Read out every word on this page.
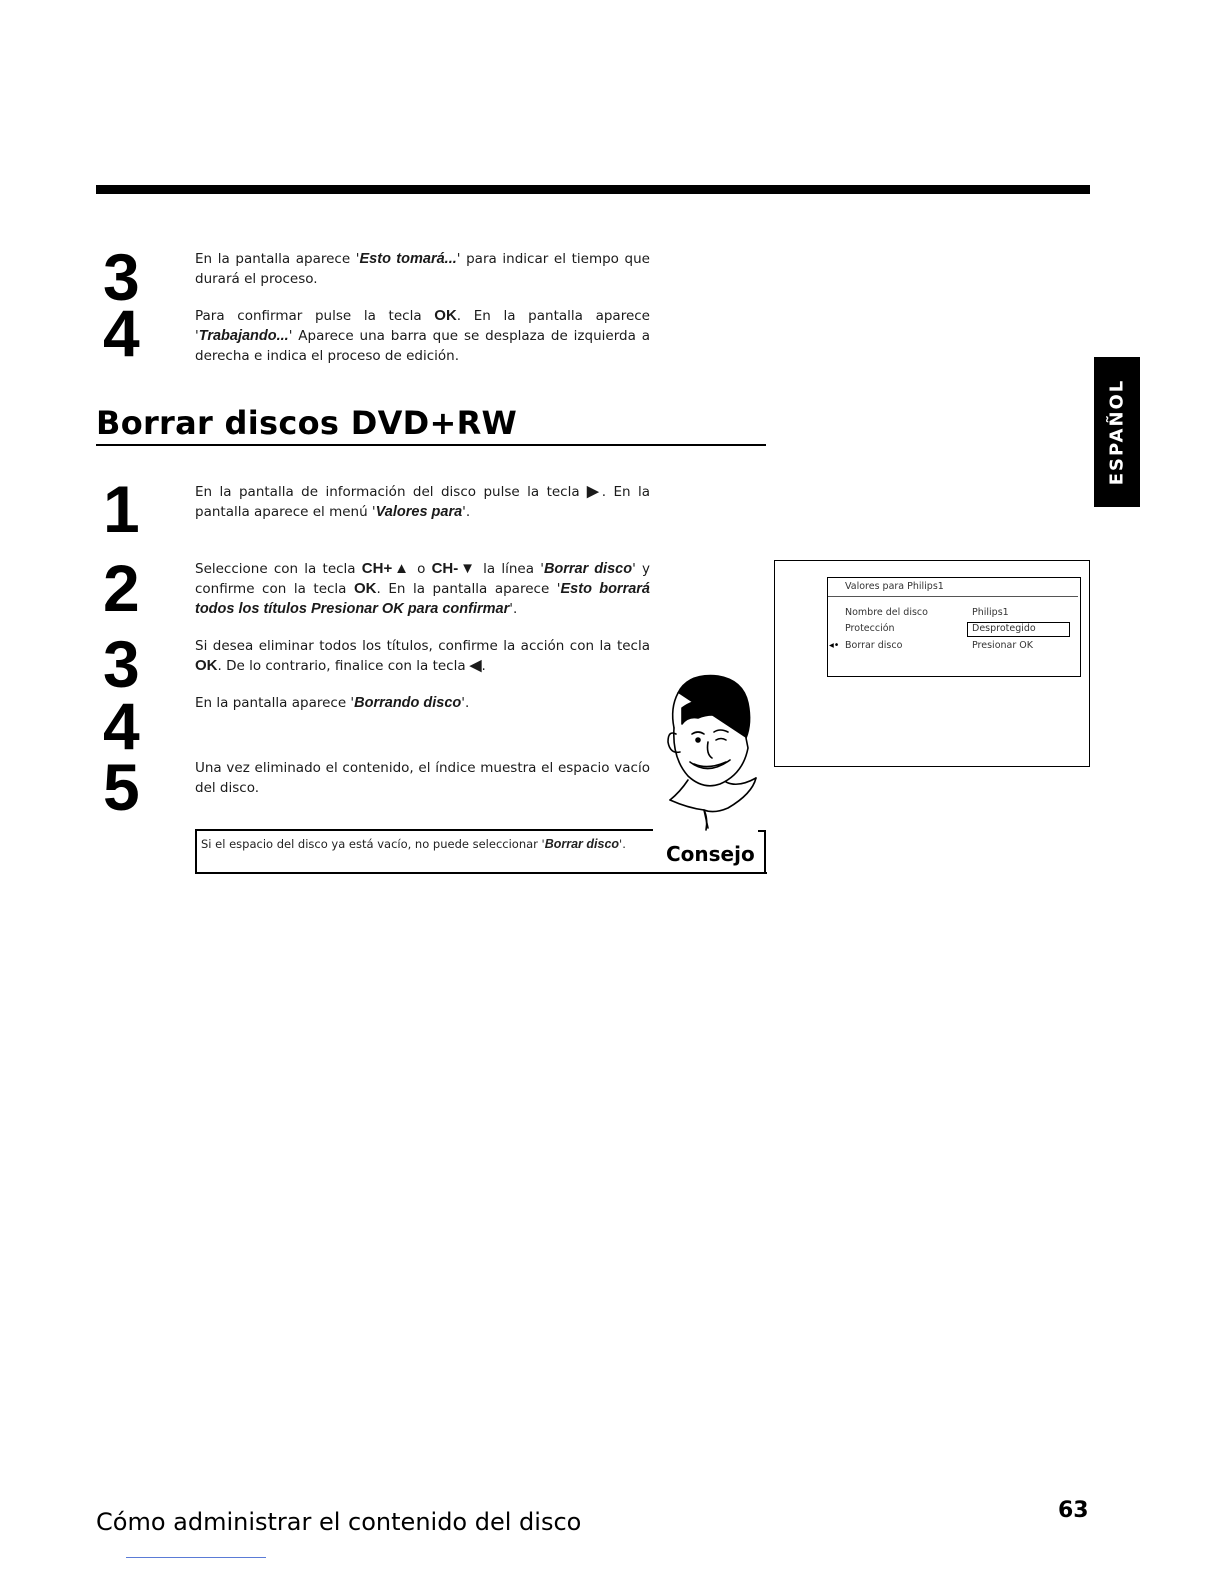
ESPAÑOL
3	En la pantalla aparece 'Esto tomará...' para indicar el tiempo que durará el proceso.
4	Para confirmar pulse la tecla OK. En la pantalla aparece 'Trabajando...' Aparece una barra que se desplaza de izquierda a derecha e indica el proceso de edición.
Borrar discos DVD+RW
1	En la pantalla de información del disco pulse la tecla ▶. En la pantalla aparece el menú 'Valores para'.
2	Seleccione con la tecla CH+▲ o CH-▼ la línea 'Borrar disco' y confirme con la tecla OK. En la pantalla aparece 'Esto borrará todos los títulos Presionar OK para confirmar'.
3	Si desea eliminar todos los títulos, confirme la acción con la tecla OK. De lo contrario, finalice con la tecla ◀.
4	En la pantalla aparece 'Borrando disco'.
5	Una vez eliminado el contenido, el índice muestra el espacio vacío del disco.
Valores para Philips1
Nombre del disco	Philips1
Protección	Desprotegido
◂• Borrar disco	Presionar OK
Si el espacio del disco ya está vacío, no puede seleccionar 'Borrar disco'.	Consejo
Cómo administrar el contenido del disco	63
